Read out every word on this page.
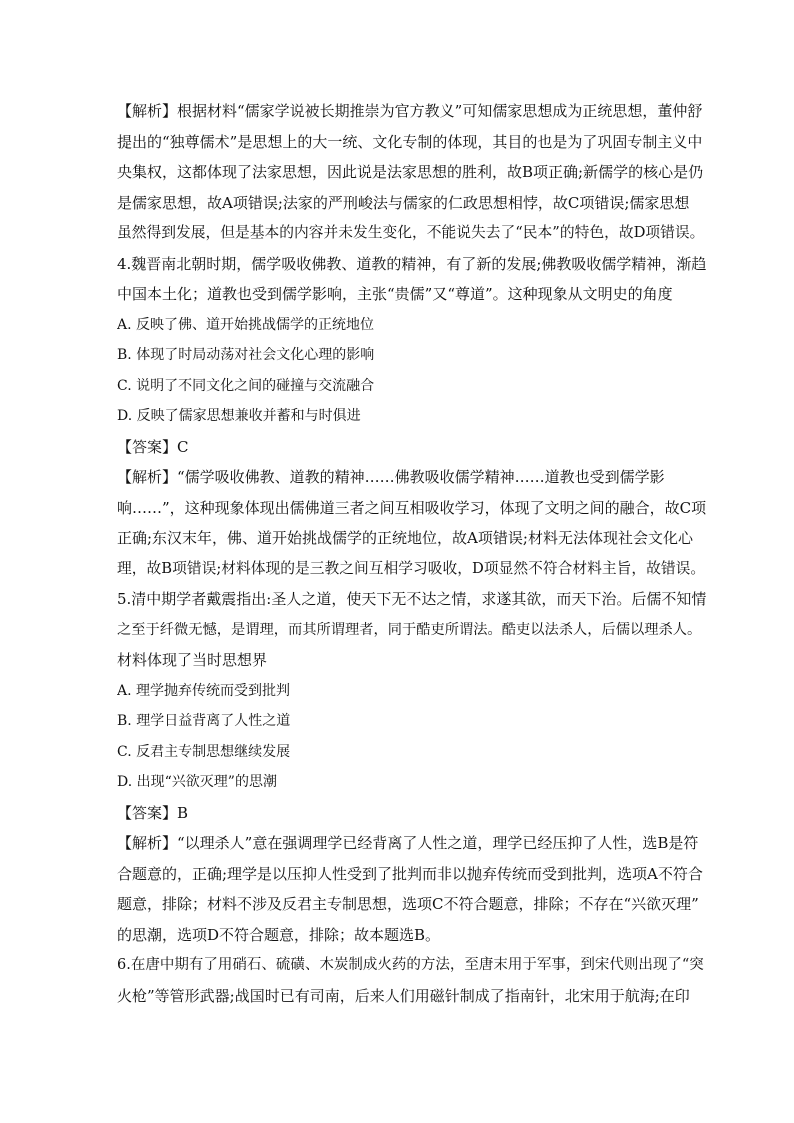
【解析】根据材料“儒家学说被长期推崇为官方教义”可知儒家思想成为正统思想，董仲舒
提出的“独尊儒术”是思想上的大一统、文化专制的体现，其目的也是为了巩固专制主义中
央集权，这都体现了法家思想，因此说是法家思想的胜利，故B项正确;新儒学的核心是仍
是儒家思想，故A项错误;法家的严刑峻法与儒家的仁政思想相悖，故C项错误;儒家思想
虽然得到发展，但是基本的内容并未发生变化，不能说失去了“民本”的特色，故D项错误。
4.魏晋南北朝时期，儒学吸收佛教、道教的精神，有了新的发展;佛教吸收儒学精神，渐趋
中国本土化；道教也受到儒学影响，主张“贵儒”又“尊道”。这种现象从文明史的角度
A. 反映了佛、道开始挑战儒学的正统地位
B. 体现了时局动荡对社会文化心理的影响
C. 说明了不同文化之间的碰撞与交流融合
D. 反映了儒家思想兼收并蓄和与时俱进
【答案】C
【解析】“儒学吸收佛教、道教的精神……佛教吸收儒学精神……道教也受到儒学影
响……”，这种现象体现出儒佛道三者之间互相吸收学习，体现了文明之间的融合，故C项
正确;东汉末年，佛、道开始挑战儒学的正统地位，故A项错误;材料无法体现社会文化心
理，故B项错误;材料体现的是三教之间互相学习吸收，D项显然不符合材料主旨，故错误。
5.清中期学者戴震指出:圣人之道，使天下无不达之情，求遂其欲，而天下治。后儒不知情
之至于纤微无憾，是谓理，而其所谓理者，同于酷吏所谓法。酷吏以法杀人，后儒以理杀人。
材料体现了当时思想界
A. 理学抛弃传统而受到批判
B. 理学日益背离了人性之道
C. 反君主专制思想继续发展
D. 出现“兴欲灭理”的思潮
【答案】B
【解析】“以理杀人”意在强调理学已经背离了人性之道，理学已经压抑了人性，选B是符
合题意的，正确;理学是以压抑人性受到了批判而非以抛弃传统而受到批判，选项A不符合
题意，排除；材料不涉及反君主专制思想，选项C不符合题意，排除；不存在“兴欲灭理”
的思潮，选项D不符合题意，排除；故本题选B。
6.在唐中期有了用硝石、硫磺、木炭制成火药的方法，至唐末用于军事，到宋代则出现了“突
火枪”等管形武器;战国时已有司南，后来人们用磁针制成了指南针，北宋用于航海;在印
